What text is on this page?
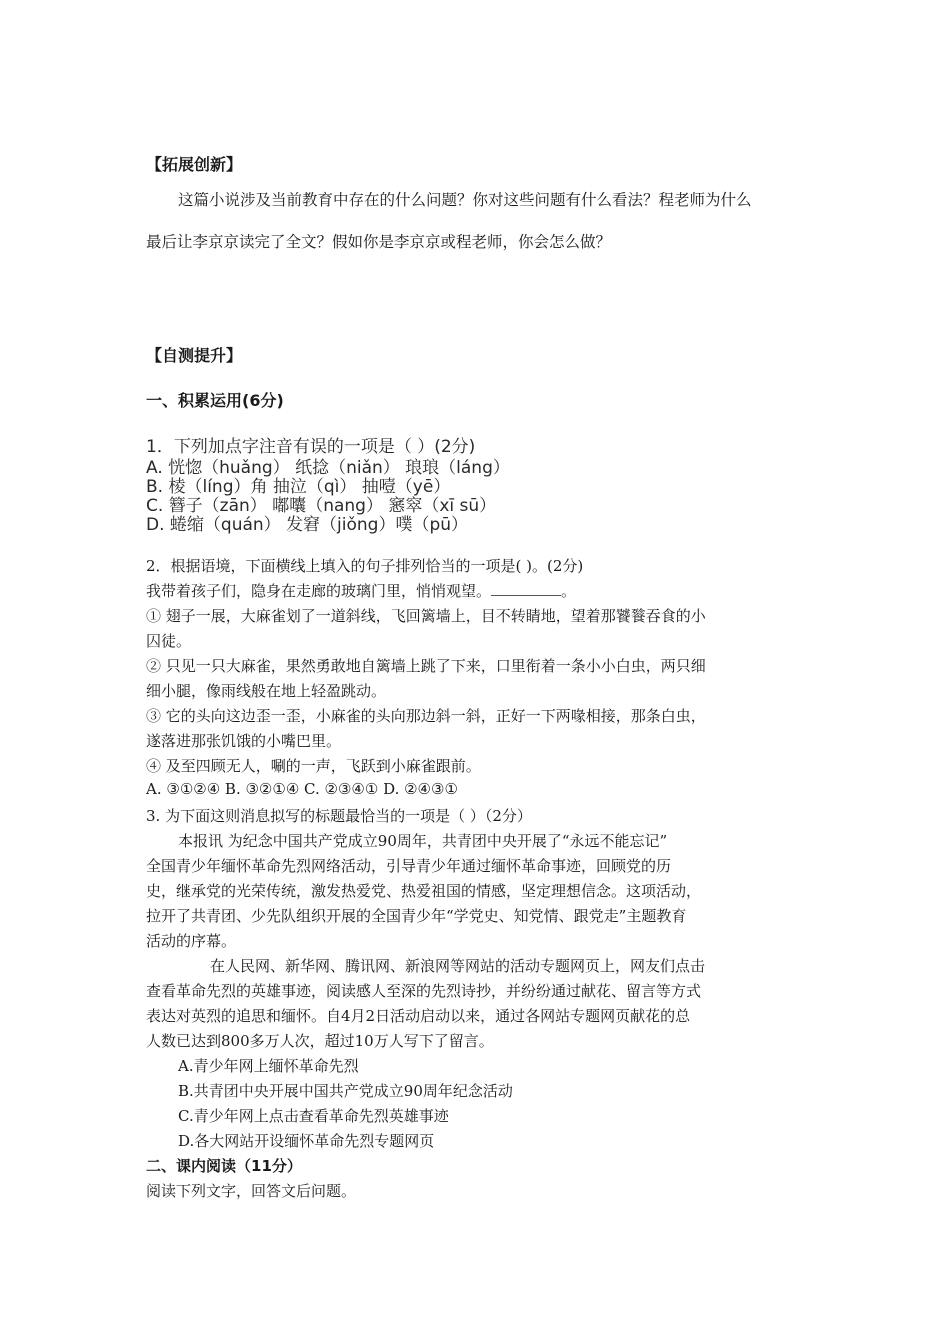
【拓展创新】
这篇小说涉及当前教育中存在的什么问题？你对这些问题有什么看法？程老师为什么
最后让李京京读完了全文？假如你是李京京或程老师，你会怎么做？
【自测提升】
一、积累运用(6分)
1．下列加点字注音有误的一项是（ ）(2分)
A. 恍惚（huǎng） 纸捻（niǎn） 琅琅（láng）
B. 棱（líng）角 抽泣（qì） 抽噎（yē）
C. 簪子（zān） 嘟囔（nang） 窸窣（xī sū）
D. 蜷缩（quán） 发窘（jiǒng）噗（pū）
2．根据语境，下面横线上填入的句子排列恰当的一项是( )。(2分)
我带着孩子们，隐身在走廊的玻璃门里，悄悄观望。	。
① 翅子一展，大麻雀划了一道斜线，飞回篱墙上，目不转睛地，望着那饕餮吞食的小
囚徒。
② 只见一只大麻雀，果然勇敢地自篱墙上跳了下来，口里衔着一条小小白虫，两只细
细小腿，像雨线般在地上轻盈跳动。
③ 它的头向这边歪一歪，小麻雀的头向那边斜一斜，正好一下两喙相接，那条白虫，
遂落进那张饥饿的小嘴巴里。
④ 及至四顾无人，唰的一声，飞跃到小麻雀跟前。
A. ③①②④ B. ③②①④ C. ②③④① D. ②④③①
3. 为下面这则消息拟写的标题最恰当的一项是（ ）（2分）
本报讯 为纪念中国共产党成立90周年，共青团中央开展了“永远不能忘记”
全国青少年缅怀革命先烈网络活动，引导青少年通过缅怀革命事迹，回顾党的历
史，继承党的光荣传统，激发热爱党、热爱祖国的情感，坚定理想信念。这项活动，
拉开了共青团、少先队组织开展的全国青少年“学党史、知党情、跟党走”主题教育
活动的序幕。
在人民网、新华网、腾讯网、新浪网等网站的活动专题网页上，网友们点击
查看革命先烈的英雄事迹，阅读感人至深的先烈诗抄，并纷纷通过献花、留言等方式
表达对英烈的追思和缅怀。自4月2日活动启动以来，通过各网站专题网页献花的总
人数已达到800多万人次，超过10万人写下了留言。
A.青少年网上缅怀革命先烈
B.共青团中央开展中国共产党成立90周年纪念活动
C.青少年网上点击查看革命先烈英雄事迹
D.各大网站开设缅怀革命先烈专题网页
二、课内阅读（11分）
阅读下列文字，回答文后问题。
